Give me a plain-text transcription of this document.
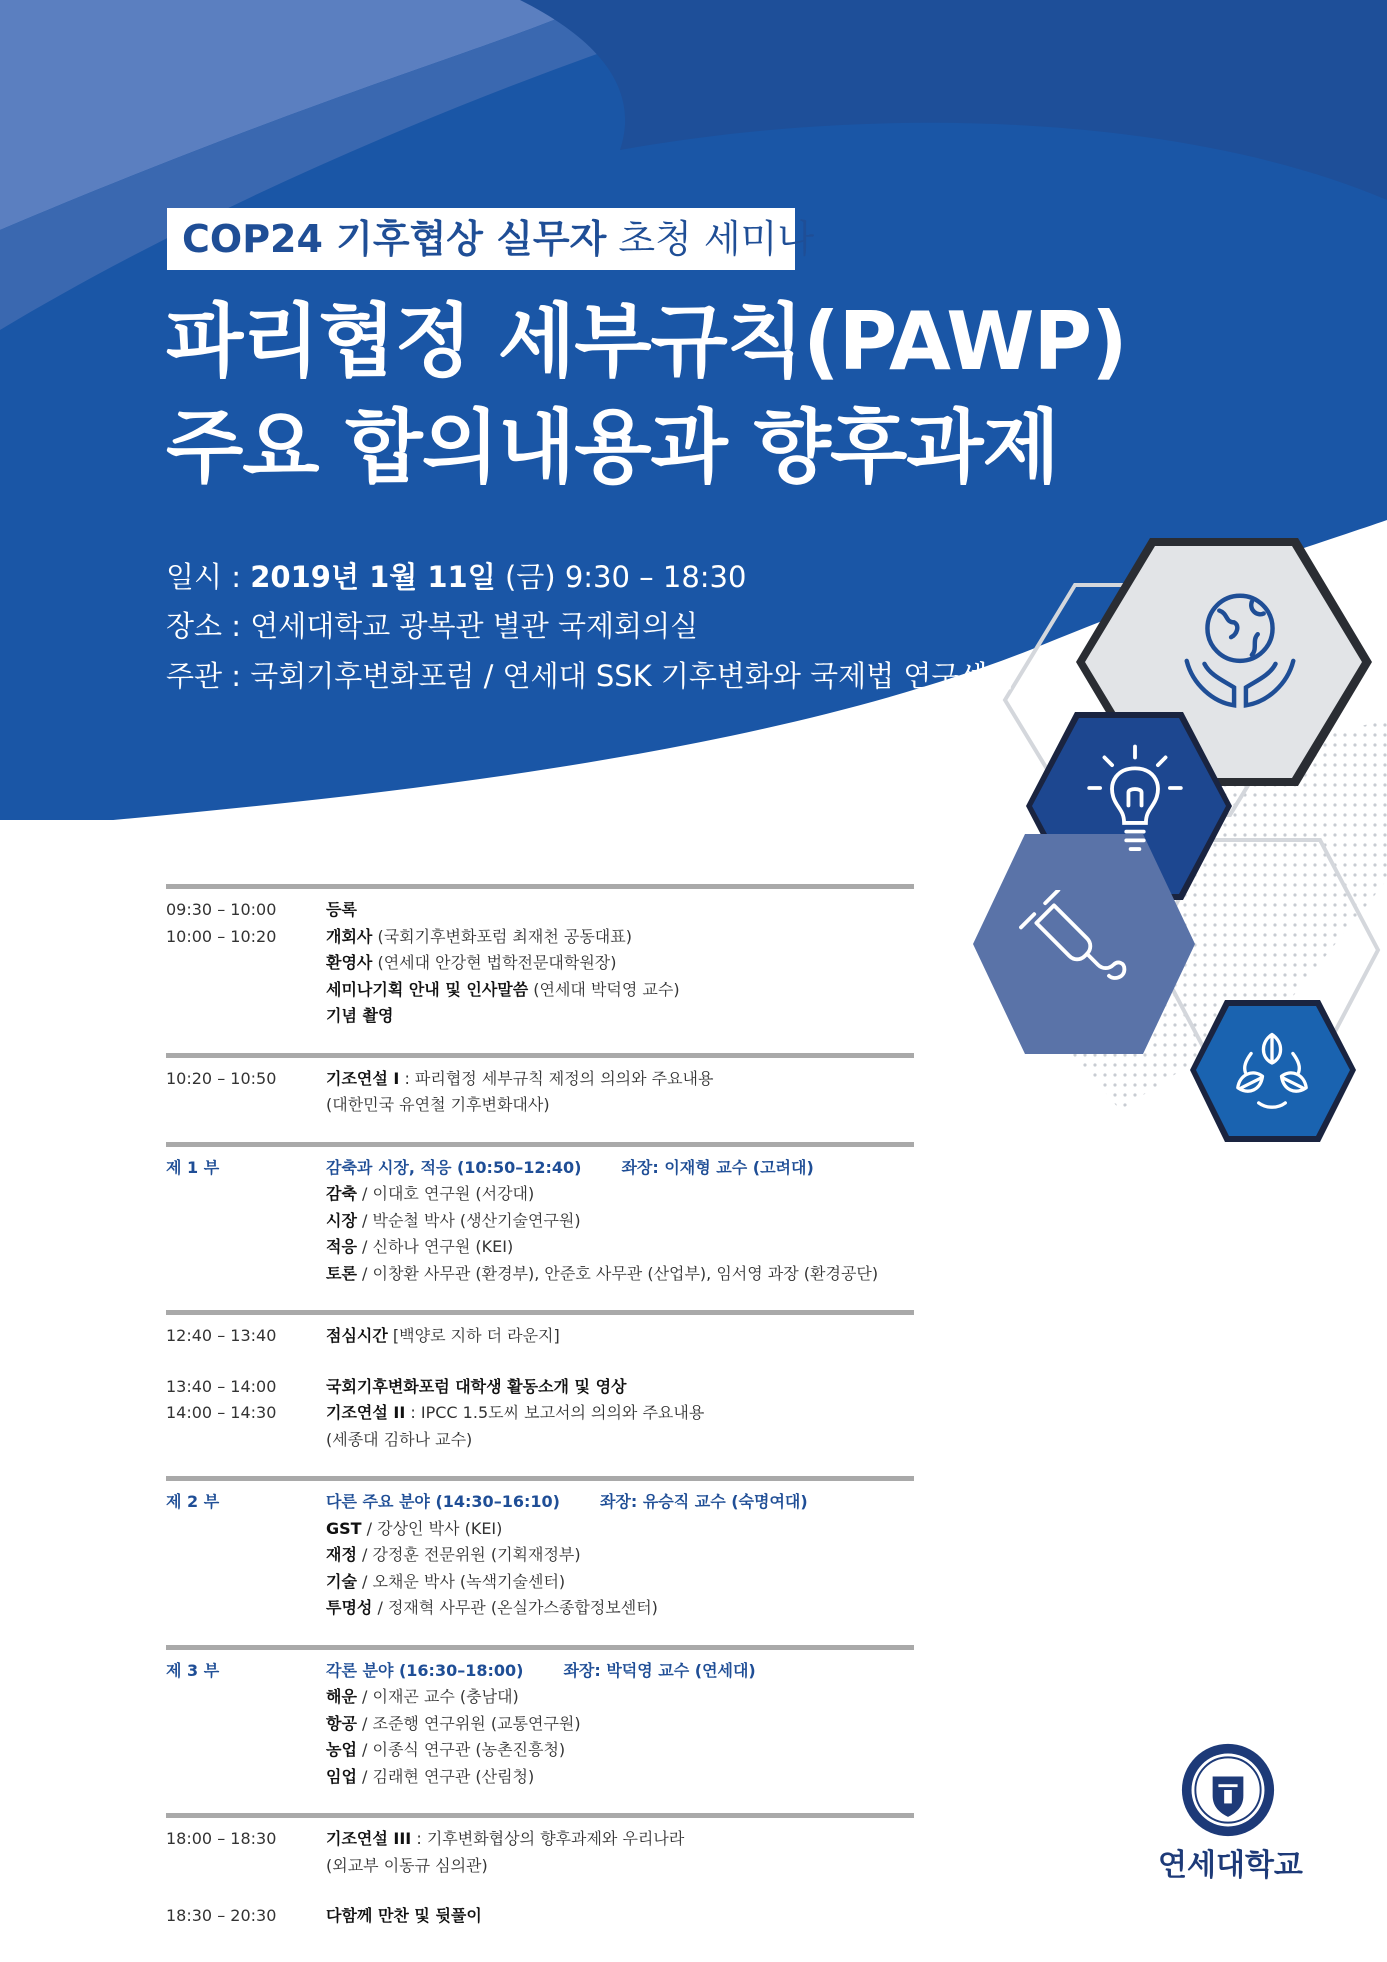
COP24 기후협상 실무자 초청 세미나
파리협정 세부규칙(PAWP)
주요 합의내용과 향후과제
일시 : 2019년 1월 11일 (금) 9:30 – 18:30
장소 : 연세대학교 광복관 별관 국제회의실
주관 : 국회기후변화포럼 / 연세대 SSK 기후변화와 국제법 연구센터
09:30 – 10:00	등록
10:00 – 10:20	개회사 (국회기후변화포럼 최재천 공동대표)
환영사 (연세대 안강현 법학전문대학원장)
세미나기획 안내 및 인사말씀 (연세대 박덕영 교수)
기념 촬영
10:20 – 10:50	기조연설 I : 파리협정 세부규칙 제정의 의의와 주요내용
(대한민국 유연철 기후변화대사)
제 1 부	감축과 시장, 적응 (10:50–12:40)	좌장: 이재형 교수 (고려대)
감축 / 이대호 연구원 (서강대)
시장 / 박순철 박사 (생산기술연구원)
적응 / 신하나 연구원 (KEI)
토론 / 이창환 사무관 (환경부), 안준호 사무관 (산업부), 임서영 과장 (환경공단)
12:40 – 13:40	점심시간 [백양로 지하 더 라운지]
13:40 – 14:00	국회기후변화포럼 대학생 활동소개 및 영상
14:00 – 14:30	기조연설 II : IPCC 1.5도씨 보고서의 의의와 주요내용
(세종대 김하나 교수)
제 2 부	다른 주요 분야 (14:30–16:10)	좌장: 유승직 교수 (숙명여대)
GST / 강상인 박사 (KEI)
재정 / 강정훈 전문위원 (기획재정부)
기술 / 오채운 박사 (녹색기술센터)
투명성 / 정재혁 사무관 (온실가스종합정보센터)
제 3 부	각론 분야 (16:30–18:00)	좌장: 박덕영 교수 (연세대)
해운 / 이재곤 교수 (충남대)
항공 / 조준행 연구위원 (교통연구원)
농업 / 이종식 연구관 (농촌진흥청)
임업 / 김래현 연구관 (산림청)
18:00 – 18:30	기조연설 III : 기후변화협상의 향후과제와 우리나라
(외교부 이동규 심의관)
18:30 – 20:30	다함께 만찬 및 뒷풀이
연세대학교
